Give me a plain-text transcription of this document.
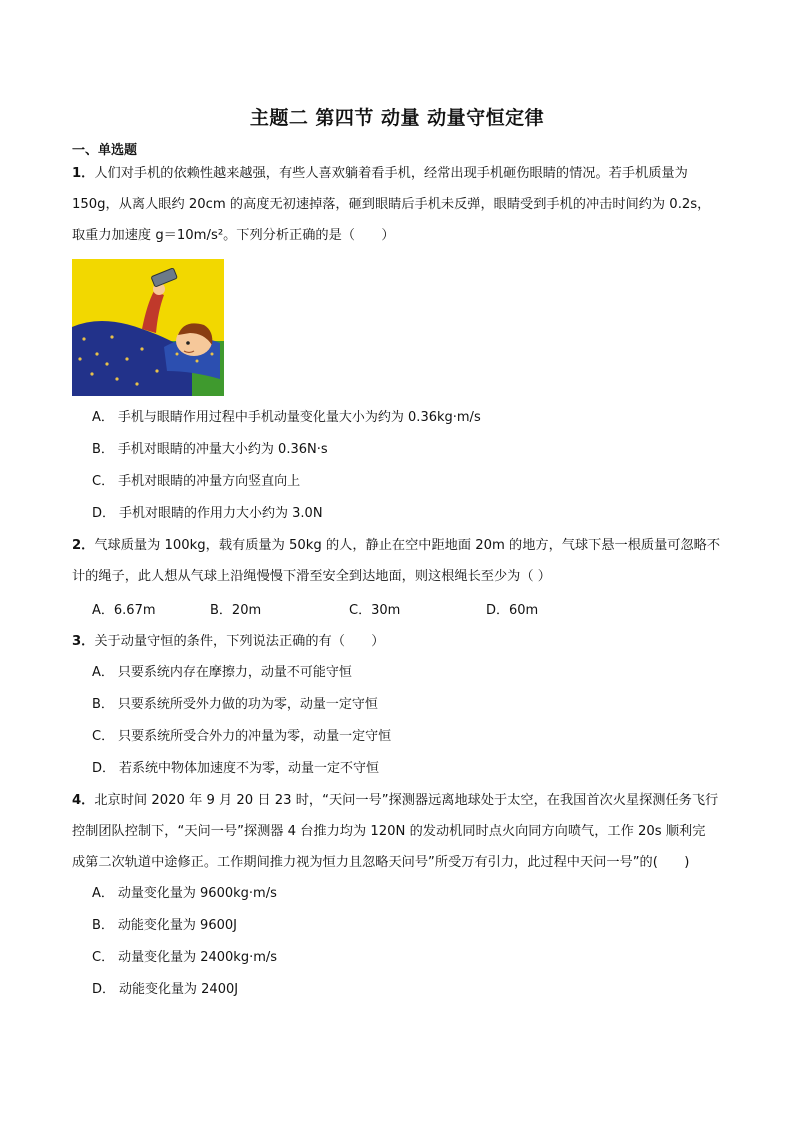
主题二 第四节 动量 动量守恒定律
一、单选题
1．人们对手机的依赖性越来越强，有些人喜欢躺着看手机，经常出现手机砸伤眼睛的情况。若手机质量为
150g，从离人眼约 20cm 的高度无初速掉落，砸到眼睛后手机未反弹，眼睛受到手机的冲击时间约为 0.2s，
取重力加速度 g＝10m/s²。下列分析正确的是（　　）
A． 手机与眼睛作用过程中手机动量变化量大小为约为 0.36kg·m/s
B． 手机对眼睛的冲量大小约为 0.36N·s
C． 手机对眼睛的冲量方向竖直向上
D． 手机对眼睛的作用力大小约为 3.0N
2．气球质量为 100kg，载有质量为 50kg 的人，静止在空中距地面 20m 的地方，气球下悬一根质量可忽略不
计的绳子，此人想从气球上沿绳慢慢下滑至安全到达地面，则这根绳长至少为（ ）
A．6.67m	B．20m	C．30m	D．60m
3．关于动量守恒的条件，下列说法正确的有（　　）
A． 只要系统内存在摩擦力，动量不可能守恒
B． 只要系统所受外力做的功为零，动量一定守恒
C． 只要系统所受合外力的冲量为零，动量一定守恒
D． 若系统中物体加速度不为零，动量一定不守恒
4．北京时间 2020 年 9 月 20 日 23 时，“天问一号”探测器远离地球处于太空，在我国首次火星探测任务飞行
控制团队控制下，“天问一号”探测器 4 台推力均为 120N 的发动机同时点火向同方向喷气，工作 20s 顺利完
成第二次轨道中途修正。工作期间推力视为恒力且忽略天问号”所受万有引力，此过程中天问一号”的(　　)
A． 动量变化量为 9600kg·m/s
B． 动能变化量为 9600J
C． 动量变化量为 2400kg·m/s
D． 动能变化量为 2400J
